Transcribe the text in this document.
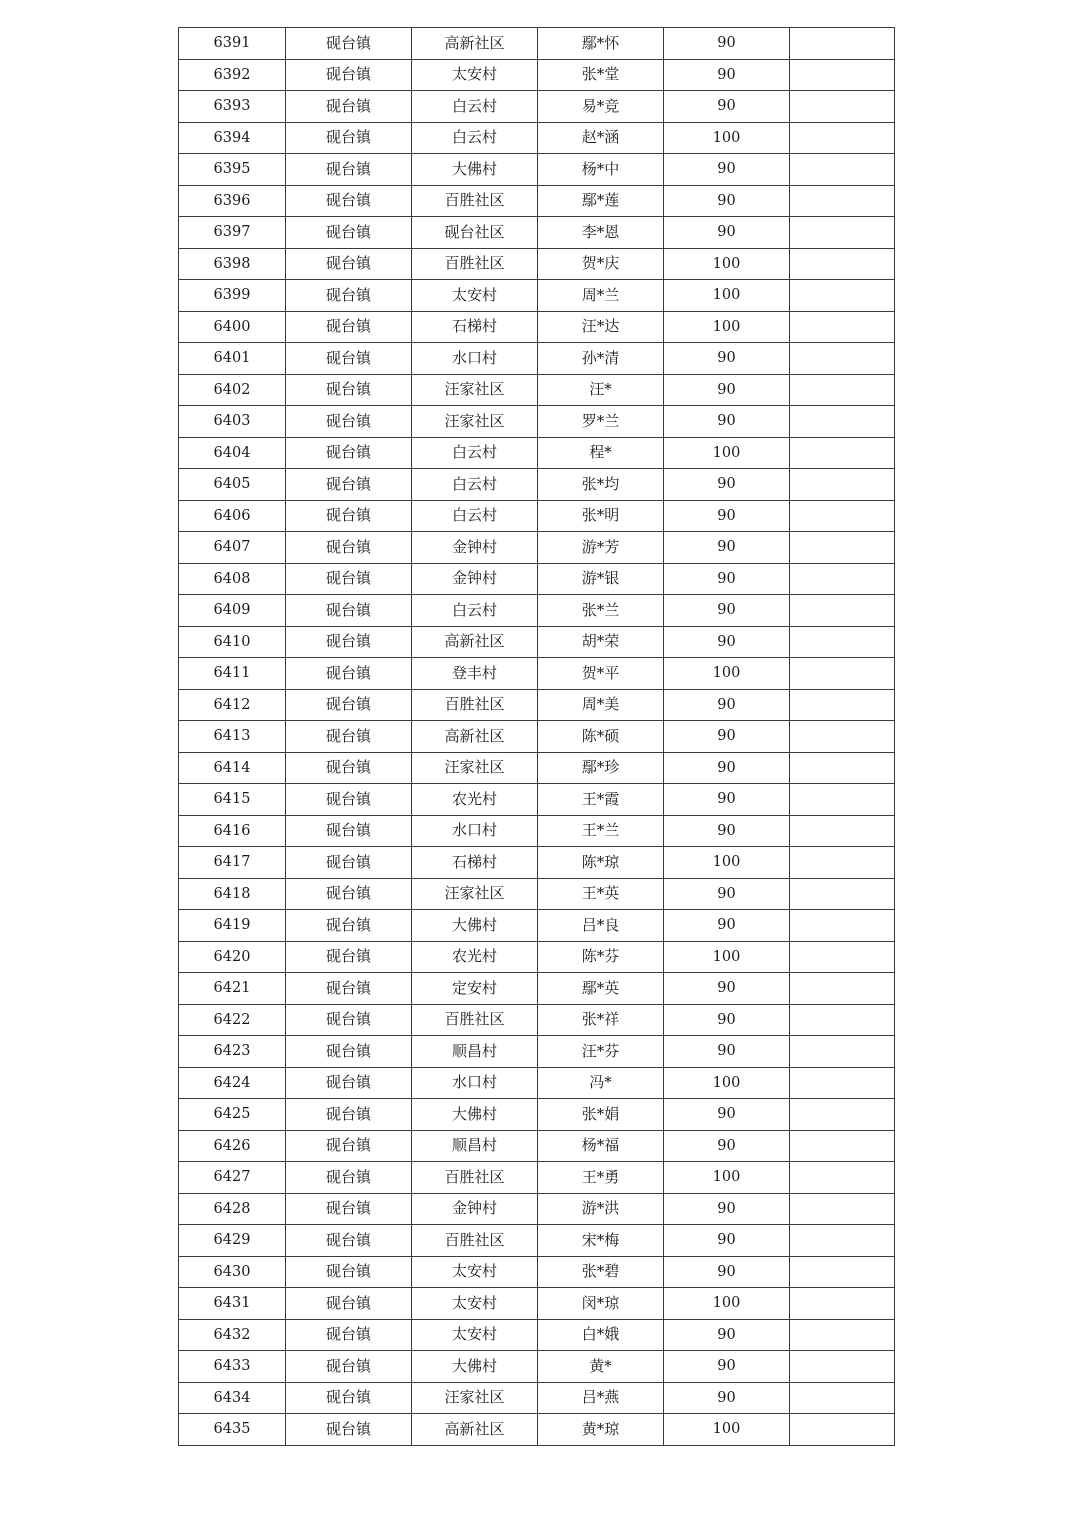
6391	砚台镇	高新社区	鄢*怀	90	
6392	砚台镇	太安村	张*堂	90	
6393	砚台镇	白云村	易*竞	90	
6394	砚台镇	白云村	赵*涵	100	
6395	砚台镇	大佛村	杨*中	90	
6396	砚台镇	百胜社区	鄢*莲	90	
6397	砚台镇	砚台社区	李*恩	90	
6398	砚台镇	百胜社区	贺*庆	100	
6399	砚台镇	太安村	周*兰	100	
6400	砚台镇	石梯村	汪*达	100	
6401	砚台镇	水口村	孙*清	90	
6402	砚台镇	汪家社区	汪*	90	
6403	砚台镇	汪家社区	罗*兰	90	
6404	砚台镇	白云村	程*	100	
6405	砚台镇	白云村	张*均	90	
6406	砚台镇	白云村	张*明	90	
6407	砚台镇	金钟村	游*芳	90	
6408	砚台镇	金钟村	游*银	90	
6409	砚台镇	白云村	张*兰	90	
6410	砚台镇	高新社区	胡*荣	90	
6411	砚台镇	登丰村	贺*平	100	
6412	砚台镇	百胜社区	周*美	90	
6413	砚台镇	高新社区	陈*硕	90	
6414	砚台镇	汪家社区	鄢*珍	90	
6415	砚台镇	农光村	王*霞	90	
6416	砚台镇	水口村	王*兰	90	
6417	砚台镇	石梯村	陈*琼	100	
6418	砚台镇	汪家社区	王*英	90	
6419	砚台镇	大佛村	吕*良	90	
6420	砚台镇	农光村	陈*芬	100	
6421	砚台镇	定安村	鄢*英	90	
6422	砚台镇	百胜社区	张*祥	90	
6423	砚台镇	顺昌村	汪*芬	90	
6424	砚台镇	水口村	冯*	100	
6425	砚台镇	大佛村	张*娟	90	
6426	砚台镇	顺昌村	杨*福	90	
6427	砚台镇	百胜社区	王*勇	100	
6428	砚台镇	金钟村	游*洪	90	
6429	砚台镇	百胜社区	宋*梅	90	
6430	砚台镇	太安村	张*碧	90	
6431	砚台镇	太安村	闵*琼	100	
6432	砚台镇	太安村	白*娥	90	
6433	砚台镇	大佛村	黄*	90	
6434	砚台镇	汪家社区	吕*燕	90	
6435	砚台镇	高新社区	黄*琼	100	
